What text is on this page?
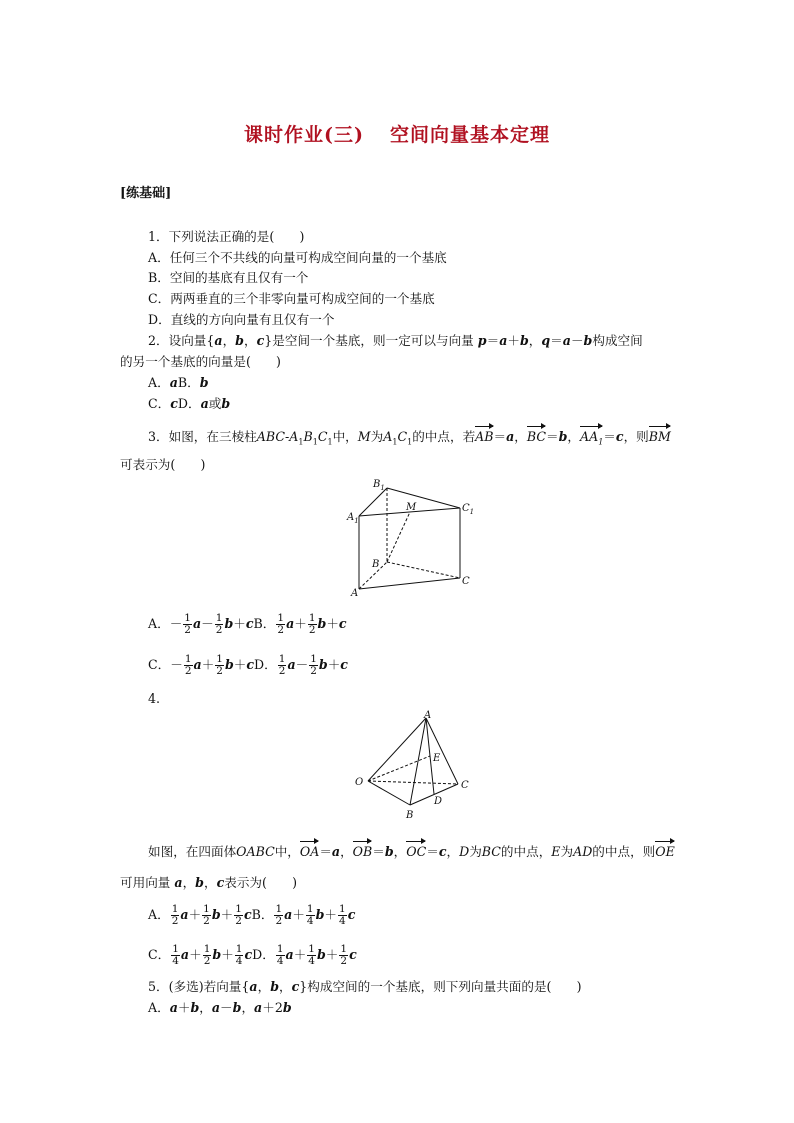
课时作业(三) 空间向量基本定理
[练基础]
1．下列说法正确的是(　　)
A．任何三个不共线的向量可构成空间向量的一个基底
B．空间的基底有且仅有一个
C．两两垂直的三个非零向量可构成空间的一个基底
D．直线的方向向量有且仅有一个
2．设向量{a，b，c}是空间一个基底，则一定可以与向量 p＝a＋b，q＝a－b构成空间
的另一个基底的向量是(　　)
A．aB．b
C．cD．a或b
3．如图，在三棱柱ABC-$A_1B_1C_1$中，M为$A_1C_1$的中点，若AB＝a，BC＝b，$AA_1=c$，则BM
可表示为(　　)
$B_1$
$A_1$
$C_1$
M
B
A
C
A．－ $\frac{1}{2} a- \frac{1}{2} b+cB$． $\frac{1}{2} a+ \frac{1}{2} b+c$
C．－ $\frac{1}{2} a+ \frac{1}{2} b+cD$． $\frac{1}{2} a- \frac{1}{2} b+c$
4.
A
O
E
C
D
B
如图，在四面体OABC中，OA＝a，OB＝b，OC＝c，D为BC的中点，E为AD的中点，则OE
可用向量 a，b，c表示为(　　)
A． $\frac{1}{2} a+ \frac{1}{2} b+ \frac{1}{2}$ cB． $\frac{1}{2} a+ \frac{1}{4} b+ \frac{1}{4}$ c
C． $\frac{1}{4} a+ \frac{1}{2} b+ \frac{1}{4}$ cD． $\frac{1}{4} a+ \frac{1}{4} b+ \frac{1}{2}$ c
5．(多选)若向量{a，b，c}构成空间的一个基底，则下列向量共面的是(　　)
A．a＋b，a－b，a＋2b
